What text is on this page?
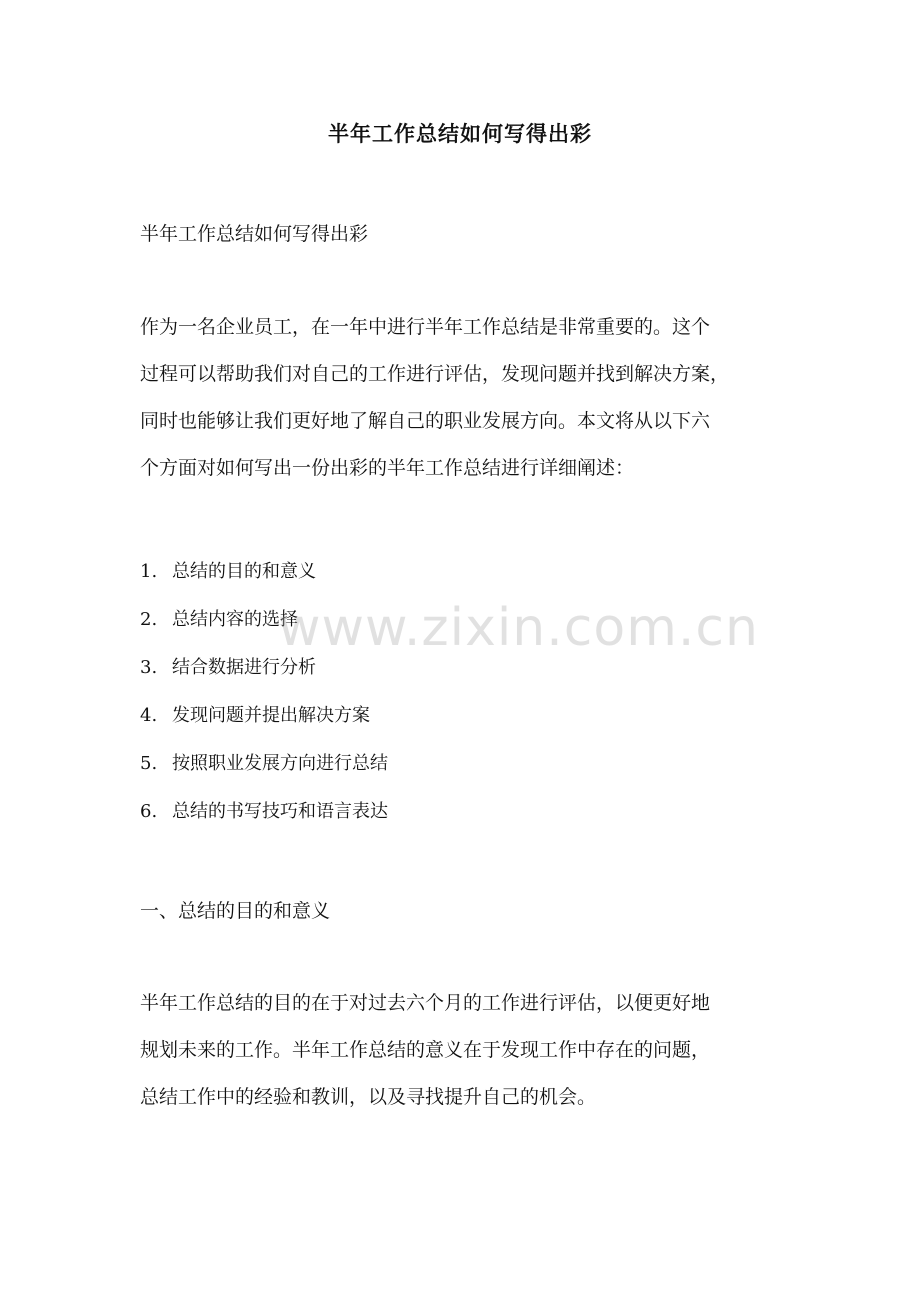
半年工作总结如何写得出彩
半年工作总结如何写得出彩
作为一名企业员工，在一年中进行半年工作总结是非常重要的。这个
过程可以帮助我们对自己的工作进行评估，发现问题并找到解决方案，
同时也能够让我们更好地了解自己的职业发展方向。本文将从以下六
个方面对如何写出一份出彩的半年工作总结进行详细阐述：
1. 总结的目的和意义
2. 总结内容的选择
3. 结合数据进行分析
4. 发现问题并提出解决方案
5. 按照职业发展方向进行总结
6. 总结的书写技巧和语言表达
一、总结的目的和意义
半年工作总结的目的在于对过去六个月的工作进行评估，以便更好地
规划未来的工作。半年工作总结的意义在于发现工作中存在的问题，
总结工作中的经验和教训，以及寻找提升自己的机会。
www.zixin.com.cn
